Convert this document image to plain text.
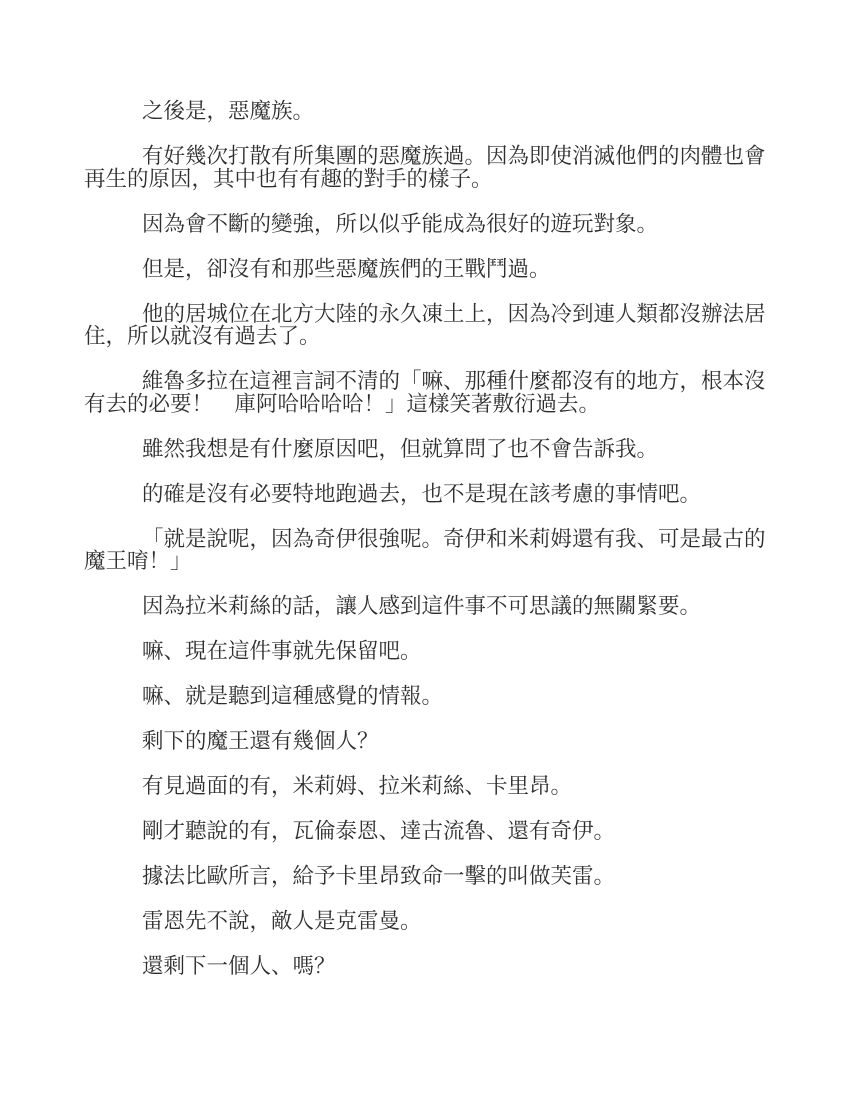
之後是，惡魔族。

有好幾次打散有所集團的惡魔族過。因為即使消滅他們的肉體也會再生的原因，其中也有有趣的對手的樣子。

因為會不斷的變強，所以似乎能成為很好的遊玩對象。

但是，卻沒有和那些惡魔族們的王戰鬥過。

他的居城位在北方大陸的永久凍土上，因為冷到連人類都沒辦法居住，所以就沒有過去了。

維魯多拉在這裡言詞不清的「嘛、那種什麼都沒有的地方，根本沒有去的必要！　庫阿哈哈哈哈！」這樣笑著敷衍過去。

雖然我想是有什麼原因吧，但就算問了也不會告訴我。

的確是沒有必要特地跑過去，也不是現在該考慮的事情吧。

「就是說呢，因為奇伊很強呢。奇伊和米莉姆還有我、可是最古的魔王唷！」

因為拉米莉絲的話，讓人感到這件事不可思議的無關緊要。

嘛、現在這件事就先保留吧。

嘛、就是聽到這種感覺的情報。

剩下的魔王還有幾個人？

有見過面的有，米莉姆、拉米莉絲、卡里昂。

剛才聽說的有，瓦倫泰恩、達古流魯、還有奇伊。

據法比歐所言，給予卡里昂致命一擊的叫做芙雷。

雷恩先不說，敵人是克雷曼。

還剩下一個人、嗎？
